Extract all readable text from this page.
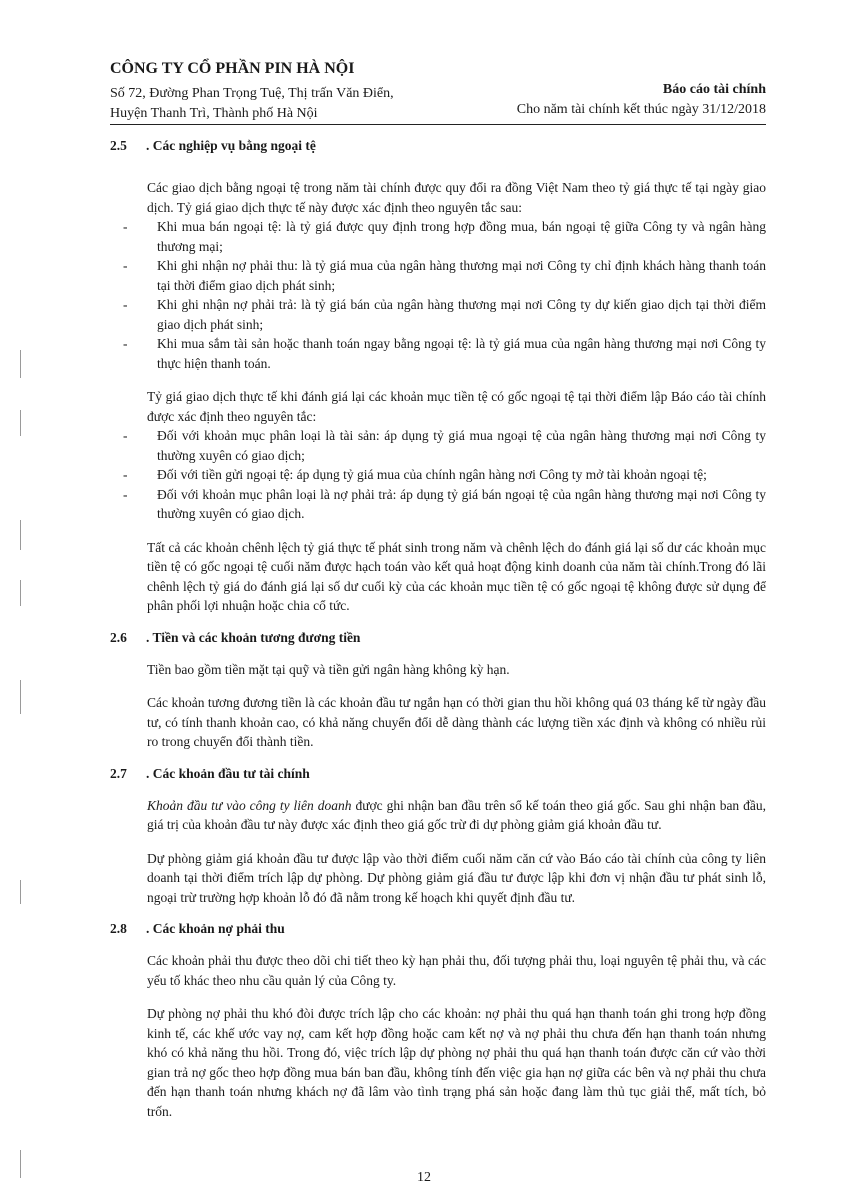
CÔNG TY CỔ PHẦN PIN HÀ NỘI
Số 72, Đường Phan Trọng Tuệ, Thị trấn Văn Điển,
Huyện Thanh Trì, Thành phố Hà Nội
Báo cáo tài chính
Cho năm tài chính kết thúc ngày 31/12/2018
2.5	. Các nghiệp vụ bằng ngoại tệ

Các giao dịch bằng ngoại tệ trong năm tài chính được quy đổi ra đồng Việt Nam theo tỷ giá thực tế tại ngày giao dịch. Tỷ giá giao dịch thực tế này được xác định theo nguyên tắc sau:

-	Khi mua bán ngoại tệ: là tỷ giá được quy định trong hợp đồng mua, bán ngoại tệ giữa Công ty và ngân hàng thương mại;
-	Khi ghi nhận nợ phải thu: là tỷ giá mua của ngân hàng thương mại nơi Công ty chỉ định khách hàng thanh toán tại thời điểm giao dịch phát sinh;
-	Khi ghi nhận nợ phải trả: là tỷ giá bán của ngân hàng thương mại nơi Công ty dự kiến giao dịch tại thời điểm giao dịch phát sinh;
-	Khi mua sắm tài sản hoặc thanh toán ngay bằng ngoại tệ: là tỷ giá mua của ngân hàng thương mại nơi Công ty thực hiện thanh toán.

Tỷ giá giao dịch thực tế khi đánh giá lại các khoản mục tiền tệ có gốc ngoại tệ tại thời điểm lập Báo cáo tài chính được xác định theo nguyên tắc:

-	Đối với khoản mục phân loại là tài sản: áp dụng tỷ giá mua ngoại tệ của ngân hàng thương mại nơi Công ty thường xuyên có giao dịch;
-	Đối với tiền gửi ngoại tệ: áp dụng tỷ giá mua của chính ngân hàng nơi Công ty mở tài khoản ngoại tệ;
-	Đối với khoản mục phân loại là nợ phải trả: áp dụng tỷ giá bán ngoại tệ của ngân hàng thương mại nơi Công ty thường xuyên có giao dịch.

Tất cả các khoản chênh lệch tỷ giá thực tế phát sinh trong năm và chênh lệch do đánh giá lại số dư các khoản mục tiền tệ có gốc ngoại tệ cuối năm được hạch toán vào kết quả hoạt động kinh doanh của năm tài chính.Trong đó lãi chênh lệch tỷ giá do đánh giá lại số dư cuối kỳ của các khoản mục tiền tệ có gốc ngoại tệ không được sử dụng để phân phối lợi nhuận hoặc chia cổ tức.

2.6	. Tiền và các khoản tương đương tiền

Tiền bao gồm tiền mặt tại quỹ và tiền gửi ngân hàng không kỳ hạn.

Các khoản tương đương tiền là các khoản đầu tư ngắn hạn có thời gian thu hồi không quá 03 tháng kể từ ngày đầu tư, có tính thanh khoản cao, có khả năng chuyển đổi dễ dàng thành các lượng tiền xác định và không có nhiều rủi ro trong chuyển đổi thành tiền.

2.7	. Các khoản đầu tư tài chính

Khoản đầu tư vào công ty liên doanh được ghi nhận ban đầu trên sổ kế toán theo giá gốc. Sau ghi nhận ban đầu, giá trị của khoản đầu tư này được xác định theo giá gốc trừ đi dự phòng giảm giá khoản đầu tư.

Dự phòng giảm giá khoản đầu tư được lập vào thời điểm cuối năm căn cứ vào Báo cáo tài chính của công ty liên doanh tại thời điểm trích lập dự phòng. Dự phòng giảm giá đầu tư được lập khi đơn vị nhận đầu tư phát sinh lỗ, ngoại trừ trường hợp khoản lỗ đó đã nằm trong kế hoạch khi quyết định đầu tư.

2.8	. Các khoản nợ phải thu

Các khoản phải thu được theo dõi chi tiết theo kỳ hạn phải thu, đối tượng phải thu, loại nguyên tệ phải thu, và các yếu tố khác theo nhu cầu quản lý của Công ty.

Dự phòng nợ phải thu khó đòi được trích lập cho các khoản: nợ phải thu quá hạn thanh toán ghi trong hợp đồng kinh tế, các khế ước vay nợ, cam kết hợp đồng hoặc cam kết nợ và nợ phải thu chưa đến hạn thanh toán nhưng khó có khả năng thu hồi. Trong đó, việc trích lập dự phòng nợ phải thu quá hạn thanh toán được căn cứ vào thời gian trả nợ gốc theo hợp đồng mua bán ban đầu, không tính đến việc gia hạn nợ giữa các bên và nợ phải thu chưa đến hạn thanh toán nhưng khách nợ đã lâm vào tình trạng phá sản hoặc đang làm thủ tục giải thể, mất tích, bỏ trốn.

12
